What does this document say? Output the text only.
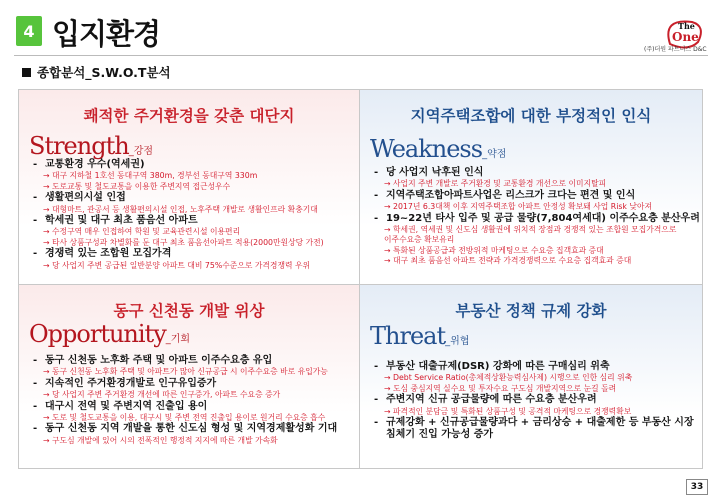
4 입지환경	The
One
(주)더원 파트너스 D&C
종합분석_S.W.O.T분석
쾌적한 주거환경을 갖춘 대단지
Strength_강점
- 교통환경 우수(역세권)
→ 대구 지하철 1호선 동대구역 380m, 경부선 동대구역 330m
→ 도로교통 및 철도교통을 이용한 주변지역 접근성우수
- 생활편의시설 인접
→ 대형마트, 관공서 등 생활편의시설 인접, 노후주택 개발로 생활인프라 확충기대
- 학세권 및 대구 최초 품음선 아파트
→ 수정구역 매우 인접하여 학원 및 교육관련시설 이용편리
→ 타사 상품구성과 차별화를 둔 대구 최초 품음선아파트 적용(2000만원상당 가전)
- 경쟁력 있는 조합원 모집가격
→ 당 사업지 주변 공급된 일반분양 아파트 대비 75%수준으로 가격경쟁력 우위
지역주택조합에 대한 부정적인 인식
Weakness_약점
- 당 사업지 낙후된 인식
→ 사업지 주변 개발로 주거환경 및 교통환경 개선으로 이미지탈피
- 지역주택조합아파트사업은 리스크가 크다는 편견 및 인식
→ 2017년 6.3대책 이후 지역주택조합 아파트 안정성 확보돼 사업 Risk 낮아져
- 19~22년 타사 입주 및 공급 물량(7,804여세대) 이주수요층 분산우려
→ 학세권, 역세권 및 신도심 생활권에 위치적 장점과 경쟁적 있는 조합원 모집가격으로
이주수요층 확보유리
→ 특화된 상품공급과 전방위적 마케팅으로 수요층 집객효과 증대
→ 대구 최초 품음선 아파트 전략과 가격경쟁력으로 수요층 집객효과 증대
동구 신천동 개발 위상
Opportunity_기회
- 동구 신천동 노후화 주택 및 아파트 이주수요층 유입
→ 동구 신천동 노후화 주택 및 아파트가 많아 신규공급 시 이주수요층 바로 유입가능
- 지속적인 주거환경개발로 인구유입증가
→ 당 사업지 주변 주거환경 개선에 따른 인구증가, 아파트 수요층 증가
- 대구시 전역 및 주변지역 진출입 용이
→ 도로 및 철도교통을 이용, 대구시 및 주변 전역 진출입 용이로 원거리 수요층 흡수
- 동구 신천동 지역 개발을 통한 신도심 형성 및 지역경제활성화 기대
→ 구도심 개발에 있어 시의 전폭적인 행정적 지지에 따른 개발 가속화
부동산 정책 규제 강화
Threat_위협
- 부동산 대출규제(DSR) 강화에 따른 구매심리 위축
→ Debt Service Ratio(총체적상환능력심사제) 시행으로 인한 심리 위축
→ 도심 중심지역 실수요 및 투자수요 구도심 개발지역으로 눈길 돌려
- 주변지역 신규 공급물량에 따른 수요층 분산우려
→ 파격적인 분담금 및 특화된 상품구성 및 공격적 마케팅으로 경쟁력확보
- 규제강화 + 신규공급물량과다 + 금리상승 + 대출제한 등 부동산 시장
침체기 진입 가능성 증가
33
